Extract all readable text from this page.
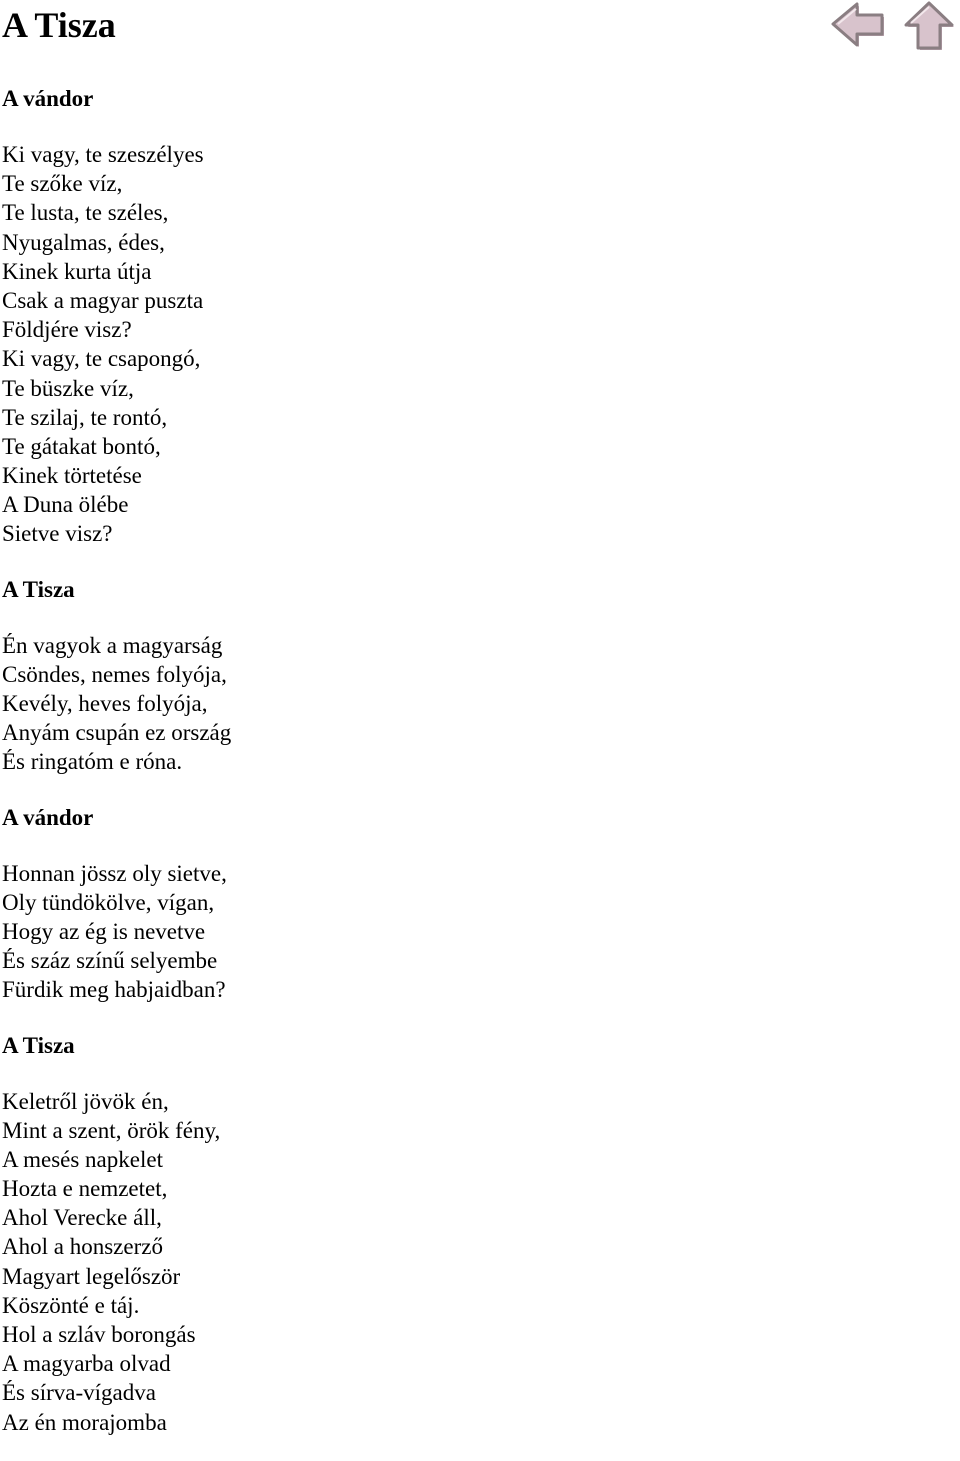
A Tisza

A vándor

Ki vagy, te szeszélyes
Te szőke víz,
Te lusta, te széles,
Nyugalmas, édes,
Kinek kurta útja
Csak a magyar puszta
Földjére visz?
Ki vagy, te csapongó,
Te büszke víz,
Te szilaj, te rontó,
Te gátakat bontó,
Kinek törtetése
A Duna ölébe
Sietve visz?

A Tisza

Én vagyok a magyarság
Csöndes, nemes folyója,
Kevély, heves folyója,
Anyám csupán ez ország
És ringatóm e róna.

A vándor

Honnan jössz oly sietve,
Oly tündökölve, vígan,
Hogy az ég is nevetve
És száz színű selyembe
Fürdik meg habjaidban?

A Tisza

Keletről jövök én,
Mint a szent, örök fény,
A mesés napkelet
Hozta e nemzetet,
Ahol Verecke áll,
Ahol a honszerző
Magyart legelőször
Köszönté e táj.
Hol a szláv borongás
A magyarba olvad
És sírva-vígadva
Az én morajomba
